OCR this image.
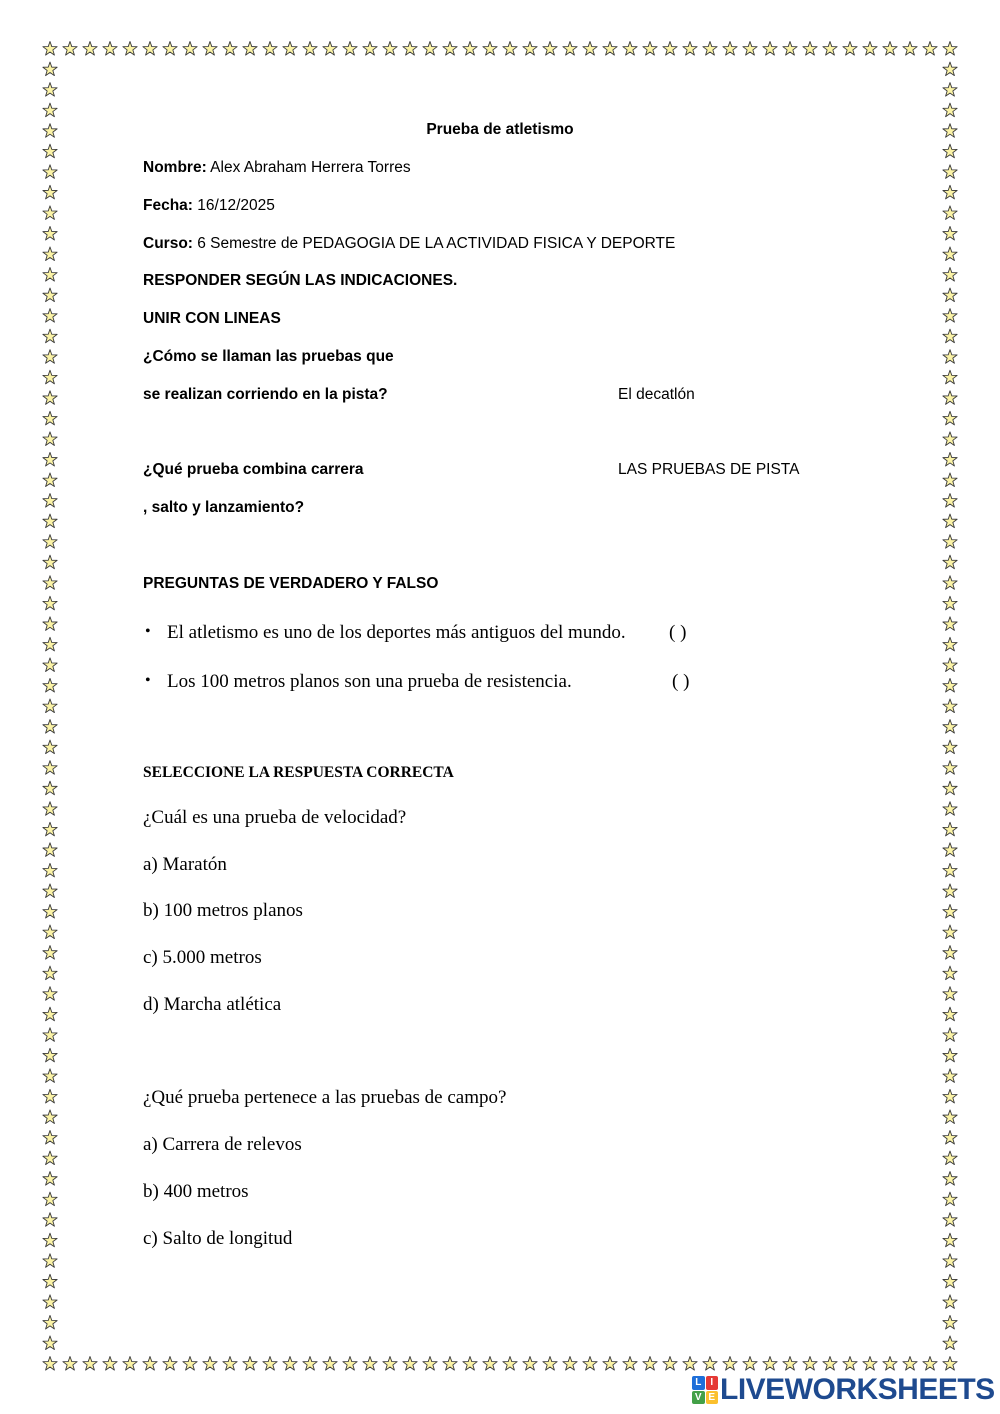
Prueba de atletismo
Nombre: Alex Abraham Herrera Torres
Fecha: 16/12/2025
Curso: 6 Semestre de PEDAGOGIA DE LA ACTIVIDAD FISICA Y DEPORTE
RESPONDER SEGÚN LAS INDICACIONES.
UNIR CON LINEAS
¿Cómo se llaman las pruebas que
se realizan corriendo en la pista?	El decatlón
¿Qué prueba combina carrera	LAS PRUEBAS DE PISTA
, salto y lanzamiento?
PREGUNTAS DE VERDADERO Y FALSO
• El atletismo es uno de los deportes más antiguos del mundo. ( )
• Los 100 metros planos son una prueba de resistencia.	( )
SELECCIONE LA RESPUESTA CORRECTA
¿Cuál es una prueba de velocidad?
a) Maratón
b) 100 metros planos
c) 5.000 metros
d) Marcha atlética
¿Qué prueba pertenece a las pruebas de campo?
a) Carrera de relevos
b) 400 metros
c) Salto de longitud
L I
V E LIVEWORKSHEETS
